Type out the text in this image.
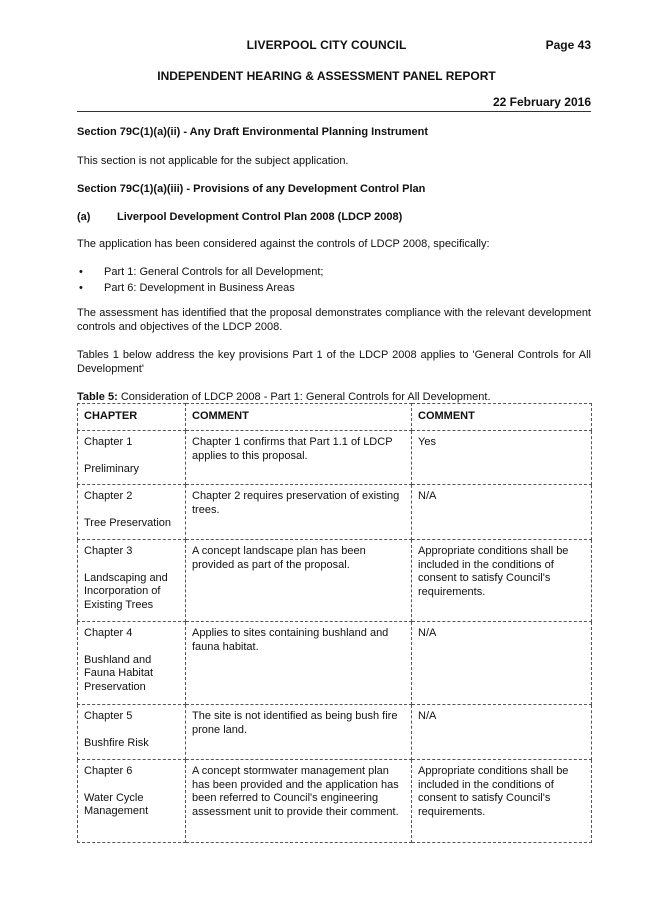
LIVERPOOL CITY COUNCIL	Page 43
INDEPENDENT HEARING & ASSESSMENT PANEL REPORT
22 February 2016
Section 79C(1)(a)(ii) - Any Draft Environmental Planning Instrument
This section is not applicable for the subject application.
Section 79C(1)(a)(iii) - Provisions of any Development Control Plan
(a) Liverpool Development Control Plan 2008 (LDCP 2008)
The application has been considered against the controls of LDCP 2008, specifically:
• Part 1: General Controls for all Development;
• Part 6: Development in Business Areas
The assessment has identified that the proposal demonstrates compliance with the relevant development controls and objectives of the LDCP 2008.
Tables 1 below address the key provisions Part 1 of the LDCP 2008 applies to 'General Controls for All Development'
Table 5: Consideration of LDCP 2008 - Part 1: General Controls for All Development.
CHAPTER	COMMENT	COMMENT

Chapter 1
Preliminary	Chapter 1 confirms that Part 1.1 of LDCP applies to this proposal.	Yes

Chapter 2
Tree Preservation	Chapter 2 requires preservation of existing trees.	N/A

Chapter 3
Landscaping and Incorporation of Existing Trees	A concept landscape plan has been provided as part of the proposal.	Appropriate conditions shall be included in the conditions of consent to satisfy Council's requirements.

Chapter 4
Bushland and Fauna Habitat Preservation	Applies to sites containing bushland and fauna habitat.	N/A

Chapter 5
Bushfire Risk	The site is not identified as being bush fire prone land.	N/A

Chapter 6
Water Cycle Management	A concept stormwater management plan has been provided and the application has been referred to Council's engineering assessment unit to provide their comment.	Appropriate conditions shall be included in the conditions of consent to satisfy Council's requirements.
